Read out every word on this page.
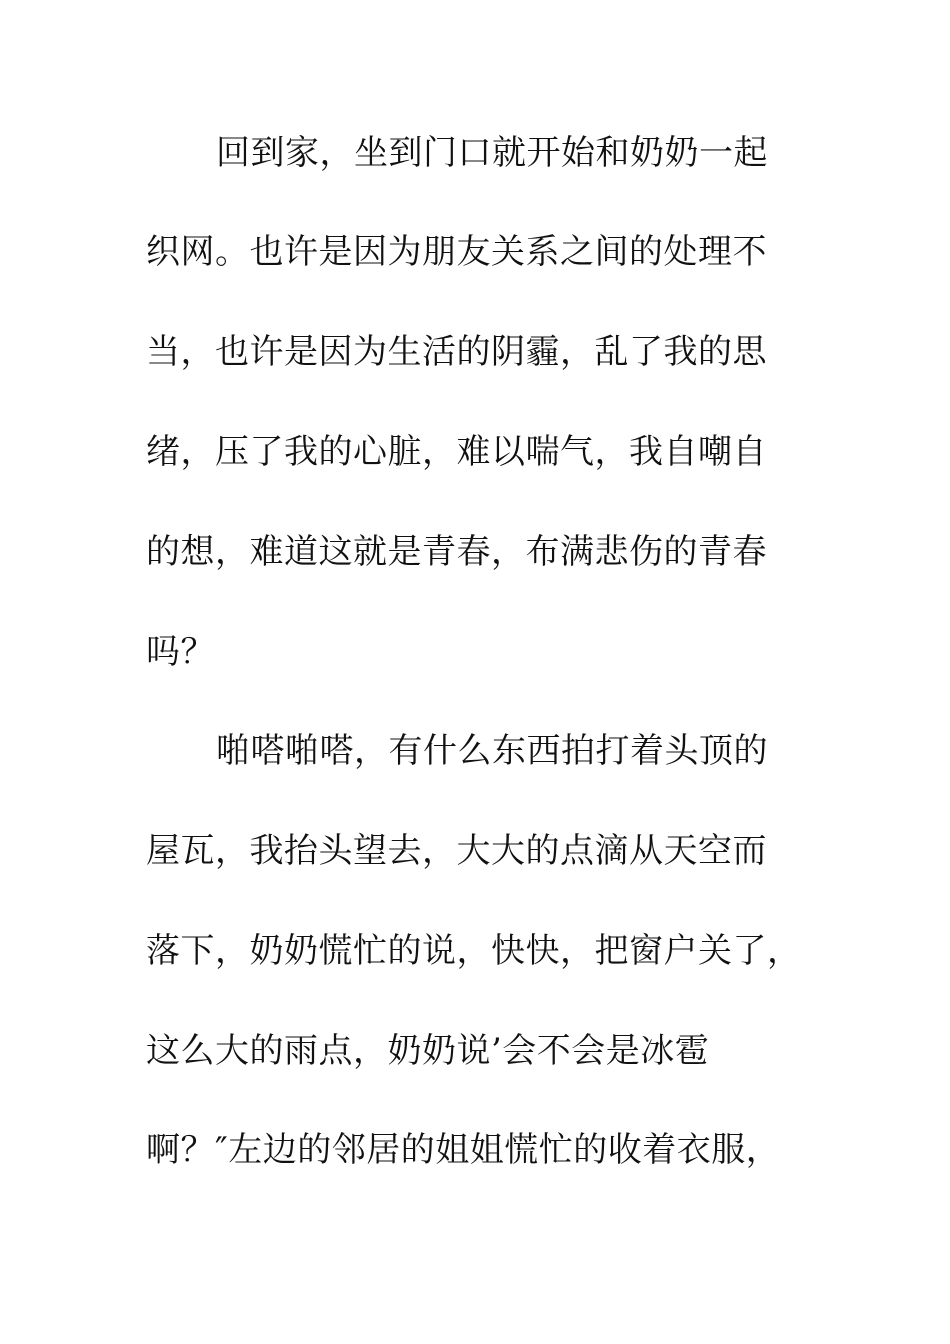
回到家，坐到门口就开始和奶奶一起
织网。也许是因为朋友关系之间的处理不
当，也许是因为生活的阴霾，乱了我的思
绪，压了我的心脏，难以喘气，我自嘲自
的想，难道这就是青春，布满悲伤的青春
吗？
啪嗒啪嗒，有什么东西拍打着头顶的
屋瓦，我抬头望去，大大的点滴从天空而
落下，奶奶慌忙的说，快快，把窗户关了，
这么大的雨点，奶奶说’会不会是冰雹
啊？″左边的邻居的姐姐慌忙的收着衣服，
